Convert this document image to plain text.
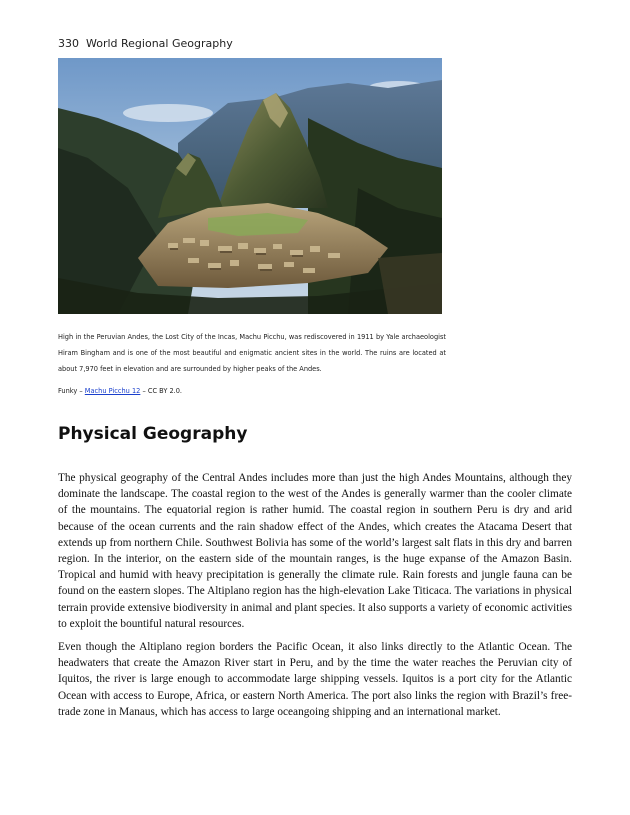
330 World Regional Geography

High in the Peruvian Andes, the Lost City of the Incas, Machu Picchu, was rediscovered in 1911 by Yale archaeologist Hiram Bingham and is one of the most beautiful and enigmatic ancient sites in the world. The ruins are located at about 7,970 feet in elevation and are surrounded by higher peaks of the Andes.

Funky – Machu Picchu 12 – CC BY 2.0.

Physical Geography

The physical geography of the Central Andes includes more than just the high Andes Mountains, although they dominate the landscape. The coastal region to the west of the Andes is generally warmer than the cooler climate of the mountains. The equatorial region is rather humid. The coastal region in southern Peru is dry and arid because of the ocean currents and the rain shadow effect of the Andes, which creates the Atacama Desert that extends up from northern Chile. Southwest Bolivia has some of the world’s largest salt flats in this dry and barren region. In the interior, on the eastern side of the mountain ranges, is the huge expanse of the Amazon Basin. Tropical and humid with heavy precipitation is generally the climate rule. Rain forests and jungle fauna can be found on the eastern slopes. The Altiplano region has the high-elevation Lake Titicaca. The variations in physical terrain provide extensive biodiversity in animal and plant species. It also supports a variety of economic activities to exploit the bountiful natural resources.

Even though the Altiplano region borders the Pacific Ocean, it also links directly to the Atlantic Ocean. The headwaters that create the Amazon River start in Peru, and by the time the water reaches the Peruvian city of Iquitos, the river is large enough to accommodate large shipping vessels. Iquitos is a port city for the Atlantic Ocean with access to Europe, Africa, or eastern North America. The port also links the region with Brazil’s free-trade zone in Manaus, which has access to large oceangoing shipping and an international market.
